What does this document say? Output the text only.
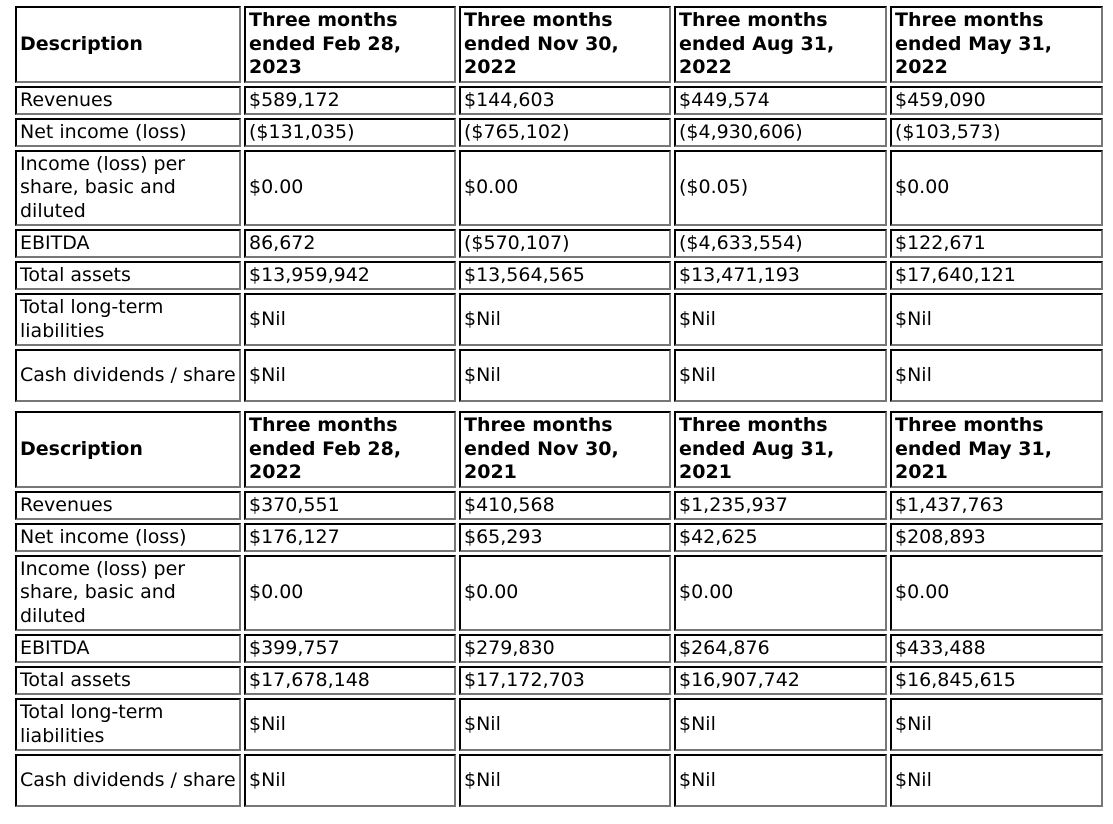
Description	Three months ended Feb 28, 2023	Three months ended Nov 30, 2022	Three months ended Aug 31, 2022	Three months ended May 31, 2022
Revenues	$589,172	$144,603	$449,574	$459,090
Net income (loss)	($131,035)	($765,102)	($4,930,606)	($103,573)
Income (loss) per share, basic and diluted	$0.00	$0.00	($0.05)	$0.00
EBITDA	86,672	($570,107)	($4,633,554)	$122,671
Total assets	$13,959,942	$13,564,565	$13,471,193	$17,640,121
Total long-term liabilities	$Nil	$Nil	$Nil	$Nil
Cash dividends / share	$Nil	$Nil	$Nil	$Nil
Description	Three months ended Feb 28, 2022	Three months ended Nov 30, 2021	Three months ended Aug 31, 2021	Three months ended May 31, 2021
Revenues	$370,551	$410,568	$1,235,937	$1,437,763
Net income (loss)	$176,127	$65,293	$42,625	$208,893
Income (loss) per share, basic and diluted	$0.00	$0.00	$0.00	$0.00
EBITDA	$399,757	$279,830	$264,876	$433,488
Total assets	$17,678,148	$17,172,703	$16,907,742	$16,845,615
Total long-term liabilities	$Nil	$Nil	$Nil	$Nil
Cash dividends / share	$Nil	$Nil	$Nil	$Nil
